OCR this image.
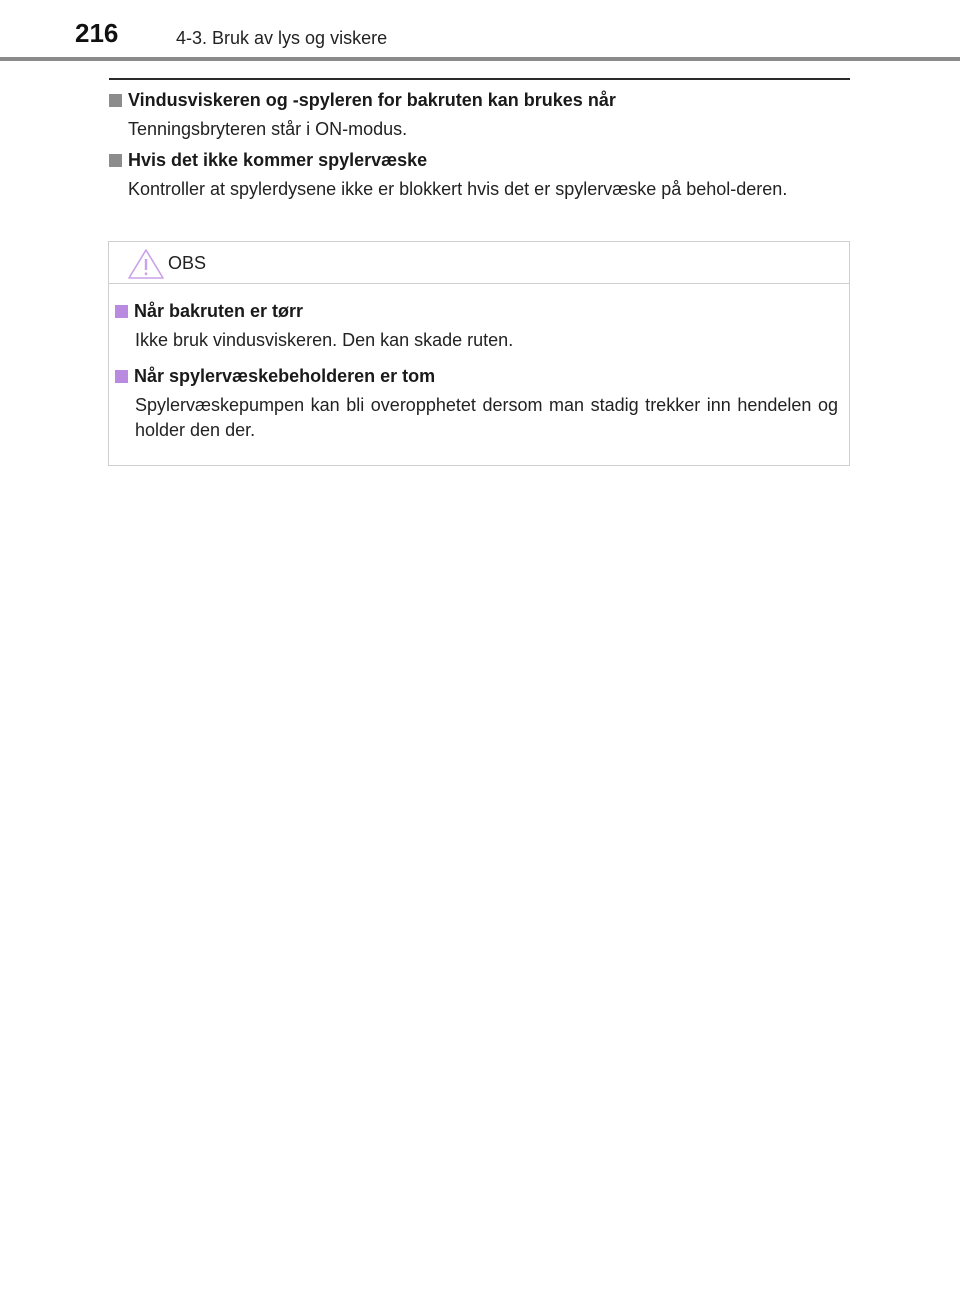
216	4-3. Bruk av lys og viskere
Vindusviskeren og -spyleren for bakruten kan brukes når
Tenningsbryteren står i ON-modus.
Hvis det ikke kommer spylervæske
Kontroller at spylerdysene ikke er blokkert hvis det er spylervæske på behol-deren.
OBS
Når bakruten er tørr
Ikke bruk vindusviskeren. Den kan skade ruten.
Når spylervæskebeholderen er tom
Spylervæskepumpen kan bli overopphetet dersom man stadig trekker inn hendelen og holder den der.
